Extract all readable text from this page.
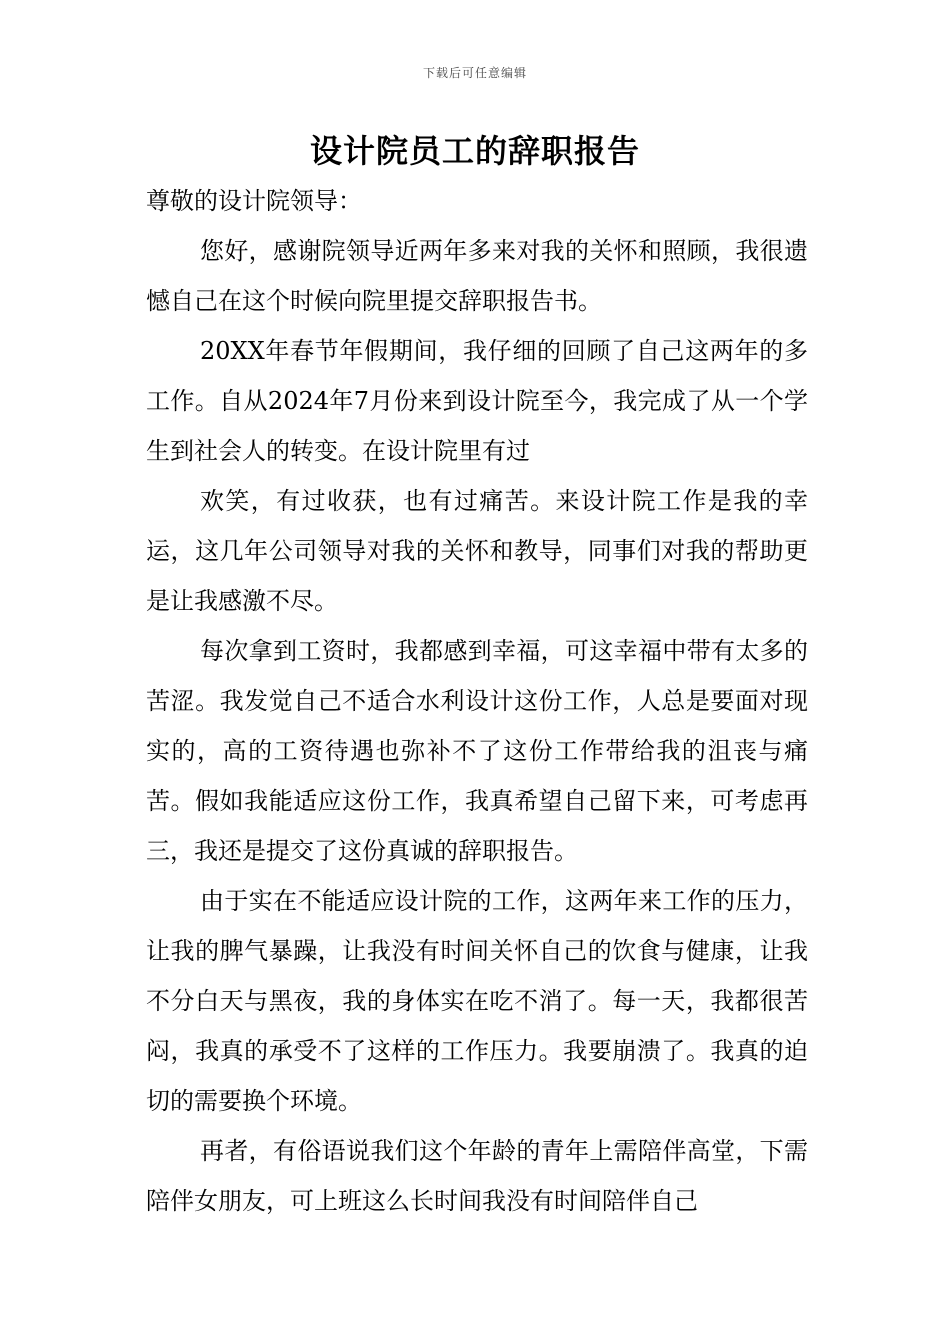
下载后可任意编辑
设计院员工的辞职报告

尊敬的设计院领导：

您好，感谢院领导近两年多来对我的关怀和照顾，我很遗憾自己在这个时候向院里提交辞职报告书。

20XX年春节年假期间，我仔细的回顾了自己这两年的多工作。自从2024年7月份来到设计院至今，我完成了从一个学生到社会人的转变。在设计院里有过

欢笑，有过收获，也有过痛苦。来设计院工作是我的幸运，这几年公司领导对我的关怀和教导，同事们对我的帮助更是让我感激不尽。

每次拿到工资时，我都感到幸福，可这幸福中带有太多的苦涩。我发觉自己不适合水利设计这份工作，人总是要面对现实的，高的工资待遇也弥补不了这份工作带给我的沮丧与痛苦。假如我能适应这份工作，我真希望自己留下来，可考虑再三，我还是提交了这份真诚的辞职报告。

由于实在不能适应设计院的工作，这两年来工作的压力，让我的脾气暴躁，让我没有时间关怀自己的饮食与健康，让我不分白天与黑夜，我的身体实在吃不消了。每一天，我都很苦闷，我真的承受不了这样的工作压力。我要崩溃了。我真的迫切的需要换个环境。

再者，有俗语说我们这个年龄的青年上需陪伴高堂，下需陪伴女朋友，可上班这么长时间我没有时间陪伴自己
